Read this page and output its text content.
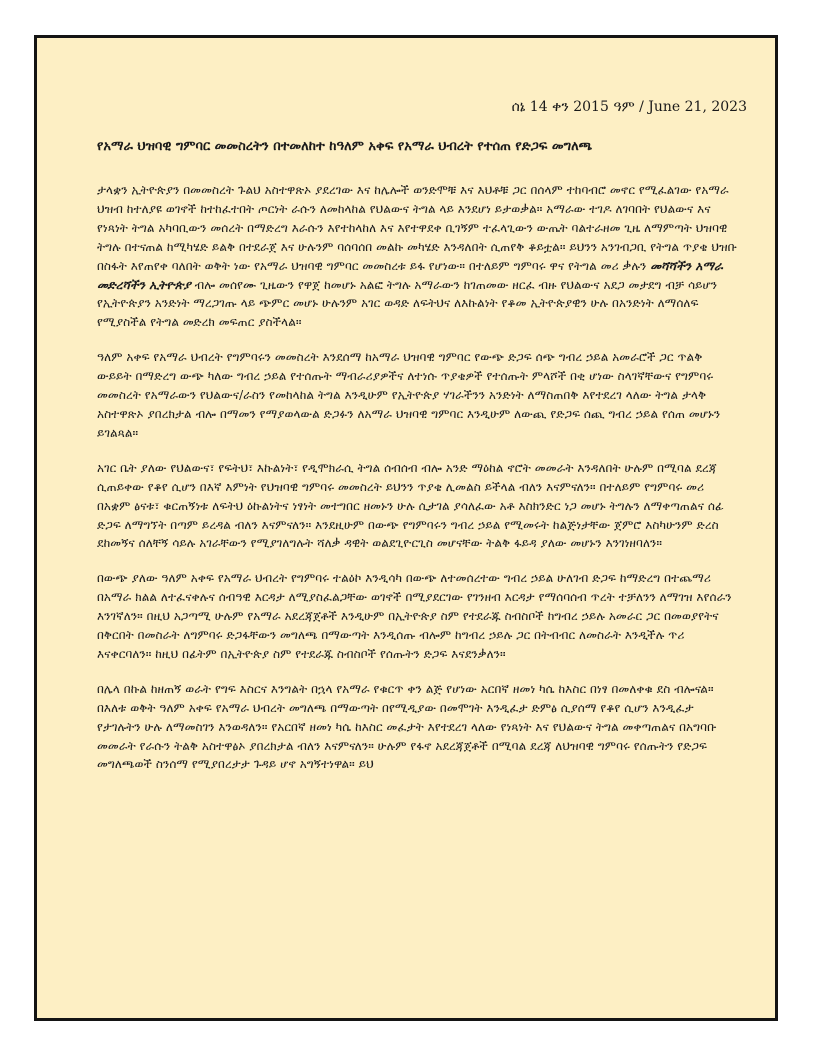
ሰኔ 14 ቀን 2015 ዓም / June 21, 2023
የአማራ ህዝባዊ ግምባር መመስረትን በተመለከተ ከዓለም አቀፍ የአማራ ህብረት የተሰጠ የድጋፍ መግለጫ

ታላቋን ኢትዮጵያን በመመስረት ጉልህ አስተዋጽኦ ያደረገው እና ከሌሎች ወንድሞቹ እና እህቶቹ ጋር በሰላም ተከባብሮ መኖር የሚፈልገው የአማራ ህዝብ ከተለያዩ ወገኖች ከተከፈተበት ጦርነት ራሱን ለመከላከል የህልውና ትግል ላይ እንደሆነ ይታወቃል። አማራው ተገዶ ለገባበት የህልውና እና የነጻነት ትግል አካባቢውን መሰረት በማድረግ እራሱን እየተከላከለ እና እየተዋደቀ ቢገኝም ተፈላጊውን ውጤት ባልተራዘመ ጊዜ ለማምጣት ህዝባዊ ትግሉ በተናጠል ከሚካሄድ ይልቅ በተደራጀ እና ሁሉንም ባሰባሰበ መልኩ መካሄድ እንዳለበት ሲጠየቅ ቆይቷል። ይህንን አንገብጋቢ የትግል ጥያቄ ህዝቡ በስፋት እየጠየቀ ባለበት ወቅት ነው የአማራ ህዝባዊ ግምባር መመስረቱ ይፋ የሆነው። በተለይም ግምባሩ ዋና የትግል መሪ ቃሉን መሻሻችን አማራ መድረሻችን ኢትዮጵያ ብሎ መሰየሙ ጊዜውን የዋጀ ከመሆኑ አልፎ ትግሉ አማራውን ከገጠመው ዘርፈ ብዙ የህልውና አደጋ መታደግ ብቻ ሳይሆን የኢትዮጵያን አንድነት ማረጋገጡ ላይ ጭምር መሆኑ ሁሉንም አገር ወዳድ ለፍትህና ለእኩልነት የቆመ ኢትዮጵያዊን ሁሉ በአንድነት ለማሰለፍ የሚያስችል የትግል መድረክ መፍጠር ያስችላል።

ዓለም አቀፍ የአማራ ህብረት የግምባሩን መመስረት እንደሰማ ከአማራ ህዝባዊ ግምባር የውጭ ድጋፍ ሰጭ ግብረ ኃይል አመራሮች ጋር ጥልቅ ውይይት በማድረግ ውጭ ካለው ግብረ ኃይል የተሰጡት ማብራሪያዎችና ለተነሱ ጥያቄዎች የተሰጡት ምላሾች በቂ ሆነው ስላገኛቸውና የግምባሩ መመስረት የአማራውን የህልውና/ራስን የመከላከል ትግል እንዲሁም የኢትዮጵያ ሃገራችንን አንድነት ለማስጠበቅ እየተደረገ ላለው ትግል ታላቅ አስተዋጽኦ ያበረክታል ብሎ በማመን የማያወላውል ድጋፉን ለአማራ ህዝባዊ ግምባር እንዲሁም ለውጪ የድጋፍ ሰጪ ግብረ ኃይል የሰጠ መሆኑን ይገልጻል።

አገር ቤት ያለው የህልውና፣ የፍትህ፣ እኩልነት፣ የዲሞክራሲ ትግል ሰብሰብ ብሎ አንድ ማዕከል ኖሮት መመራት እንዳለበት ሁሉም በሚባል ደረጃ ሲጠይቀው የቆየ ሲሆን በእኛ እምነት የህዝባዊ ግምባሩ መመስረት ይህንን ጥያቄ ሊመልስ ይችላል ብለን እናምናለን። በተለይም የግምባሩ መሪ በአቋም ፅናቱ፣ ቁርጠኝነቱ ለፍትህ ዕኩልነትና ነፃነት መተግበር ዘመኑን ሁሉ ሲታገል ያሳለፈው አቶ እስክንድር ነጋ መሆኑ ትግሉን ለማቀጣጠልና ሰፊ ድጋፍ ለማግኘት በጣም ይረዳል ብለን እናምናለን። እንደዚሁም በውጭ የግምባሩን ግብረ ኃይል የሚመሩት ከልጅነታቸው ጀምሮ እስካሁንም ድረስ ደከመኝና ሰለቸኝ ሳይሉ አገራቸውን የሚያገለግሉት ሻለቃ ዳዊት ወልደጊዮርጊስ መሆናቸው ትልቅ ፋይዳ ያለው መሆኑን እንገነዘባለን።

በውጭ ያለው ዓለም አቀፍ የአማራ ህብረት የግምባሩ ተልዕኮ እንዲሳካ በውጭ ለተመሰረተው ግብረ ኃይል ሁለገብ ድጋፍ ከማድረግ በተጨማሪ በአማራ ክልል ለተፈናቀሉና ሰብዓዊ እርዳታ ለሚያስፈልጋቸው ወገኖች በሚያደርገው የገንዘብ እርዳታ የማሰባሰብ ጥረት ተቻለንን ለማገዝ እየሰራን እንገኛለን። በዚህ አጋጣሚ ሁሉም የአማራ አደረጃጀቶች እንዲሁም በኢትዮጵያ ስም የተደራጁ ስብስቦች ከግብረ ኃይሉ አመራር ጋር በመወያየትና በቅርበት በመስራት ለግምባሩ ድጋፋቸውን መግለጫ በማውጣት እንዲሰጡ ብሎም ከግብረ ኃይሉ ጋር በትብብር ለመስራት እንዲችሉ ጥሪ እናቀርባለን። ከዚህ በፊትም በኢትዮጵያ ስም የተደራጁ ስብስቦች የሰጡትን ድጋፍ እናደንቃለን።

በሌላ በኩል ከዘጠኝ ወራት የግፍ እስርና እንግልት በኋላ የአማራ የቁርጥ ቀን ልጅ የሆነው አርበኛ ዘመነ ካሴ ከእስር በነፃ በመለቀቁ ደስ ብሎናል። በእለቱ ወቅት ዓለም አቀፍ የአማራ ህብረት መግለጫ በማውጣት በየሚዲያው በመሞገት እንዲፈታ ድምፅ ሲያሰማ የቆየ ሲሆን እንዲፈታ የታገሉትን ሁሉ ለማመስገን እንወዳለን። የአርበኛ ዘመነ ካሴ ከእስር መፈታት እየተደረገ ላለው የነጻነት እና የህልውና ትግል መቀጣጠልና በአግባቡ መመራት የራሱን ትልቅ አስተዋፅኦ ያበረክታል ብለን እናምናለን። ሁሉም የፋኖ አደረጃጀቶች በሚባል ደረጃ ለህዝባዊ ግምባሩ የሰጡትን የድጋፍ መግለጫወች ስንሰማ የሚያበረታታ ጉዳይ ሆኖ አግኝተነዋል። ይህ
